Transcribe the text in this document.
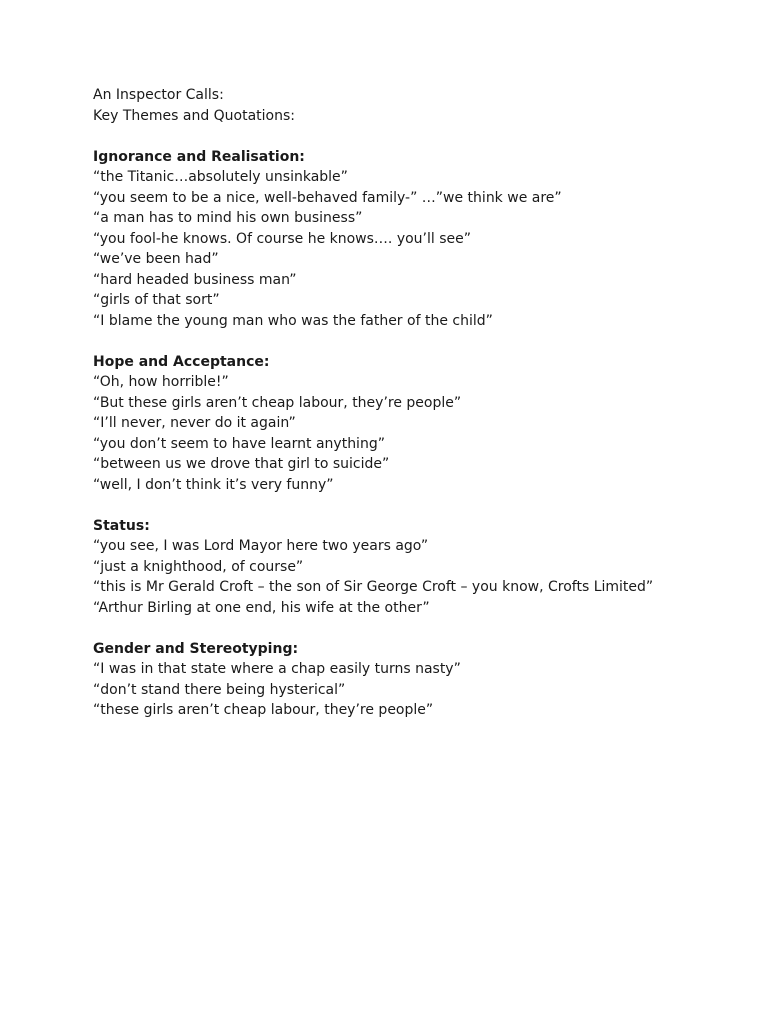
An Inspector Calls:
Key Themes and Quotations:
Ignorance and Realisation:
“the Titanic…absolutely unsinkable”
“you seem to be a nice, well-behaved family-” …”we think we are”
“a man has to mind his own business”
“you fool-he knows. Of course he knows…. you’ll see”
“we’ve been had”
“hard headed business man”
“girls of that sort”
“I blame the young man who was the father of the child”
Hope and Acceptance:
“Oh, how horrible!”
“But these girls aren’t cheap labour, they’re people”
“I’ll never, never do it again”
“you don’t seem to have learnt anything”
“between us we drove that girl to suicide”
“well, I don’t think it’s very funny”
Status:
“you see, I was Lord Mayor here two years ago”
“just a knighthood, of course”
“this is Mr Gerald Croft – the son of Sir George Croft – you know, Crofts Limited”
“Arthur Birling at one end, his wife at the other”
Gender and Stereotyping:
“I was in that state where a chap easily turns nasty”
“don’t stand there being hysterical”
“these girls aren’t cheap labour, they’re people”
